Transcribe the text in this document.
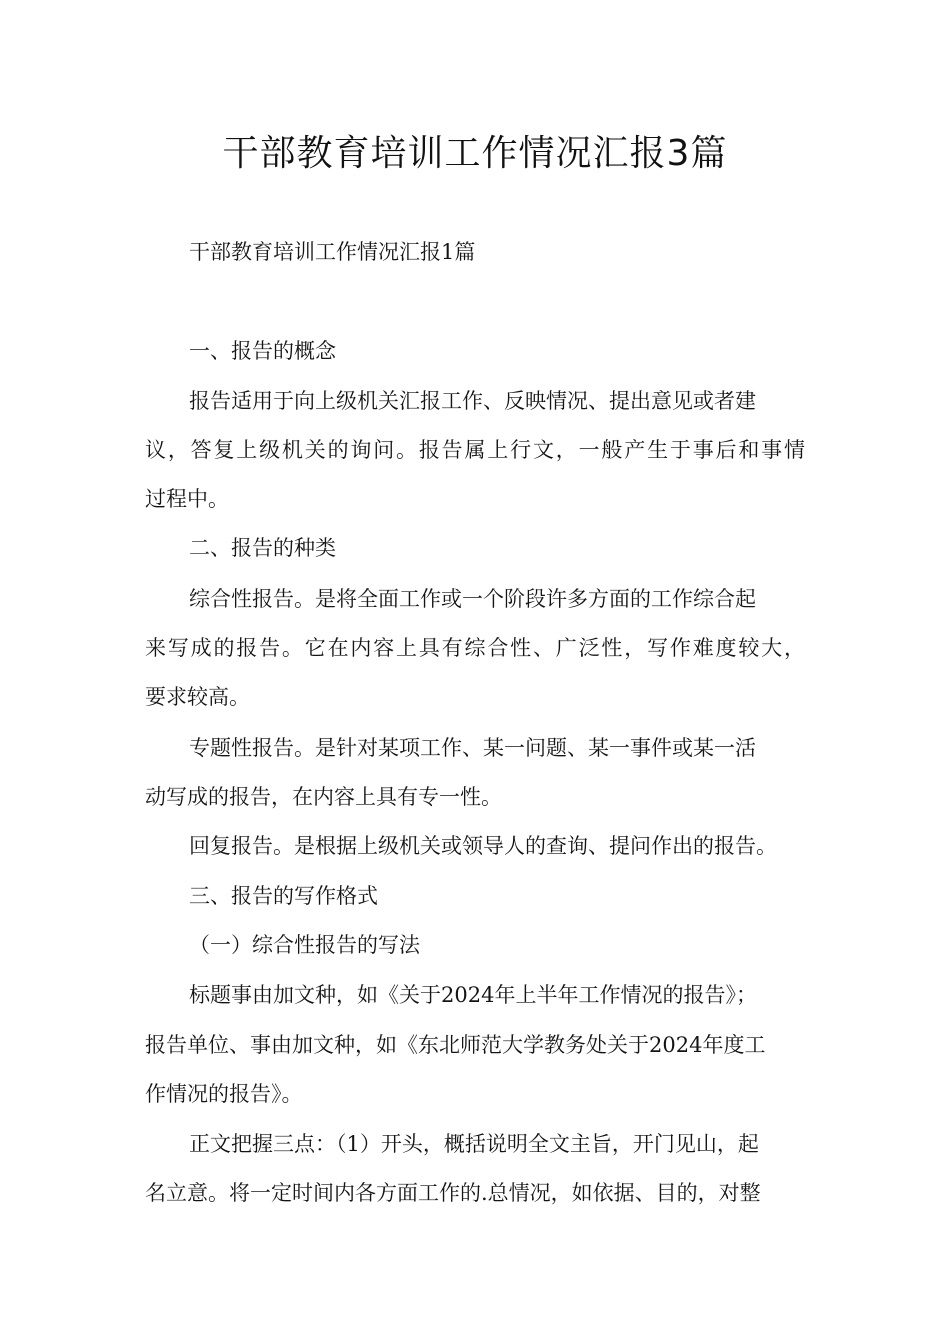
干部教育培训工作情况汇报3篇
干部教育培训工作情况汇报1篇
一、报告的概念
报告适用于向上级机关汇报工作、反映情况、提出意见或者建
议，答复上级机关的询问。报告属上行文，一般产生于事后和事情
过程中。
二、报告的种类
综合性报告。是将全面工作或一个阶段许多方面的工作综合起
来写成的报告。它在内容上具有综合性、广泛性，写作难度较大，
要求较高。
专题性报告。是针对某项工作、某一问题、某一事件或某一活
动写成的报告，在内容上具有专一性。
回复报告。是根据上级机关或领导人的查询、提问作出的报告。
三、报告的写作格式
（一）综合性报告的写法
标题事由加文种，如《关于2024年上半年工作情况的报告》；
报告单位、事由加文种，如《东北师范大学教务处关于2024年度工
作情况的报告》。
正文把握三点：（1）开头，概括说明全文主旨，开门见山，起
名立意。将一定时间内各方面工作的.总情况，如依据、目的，对整
